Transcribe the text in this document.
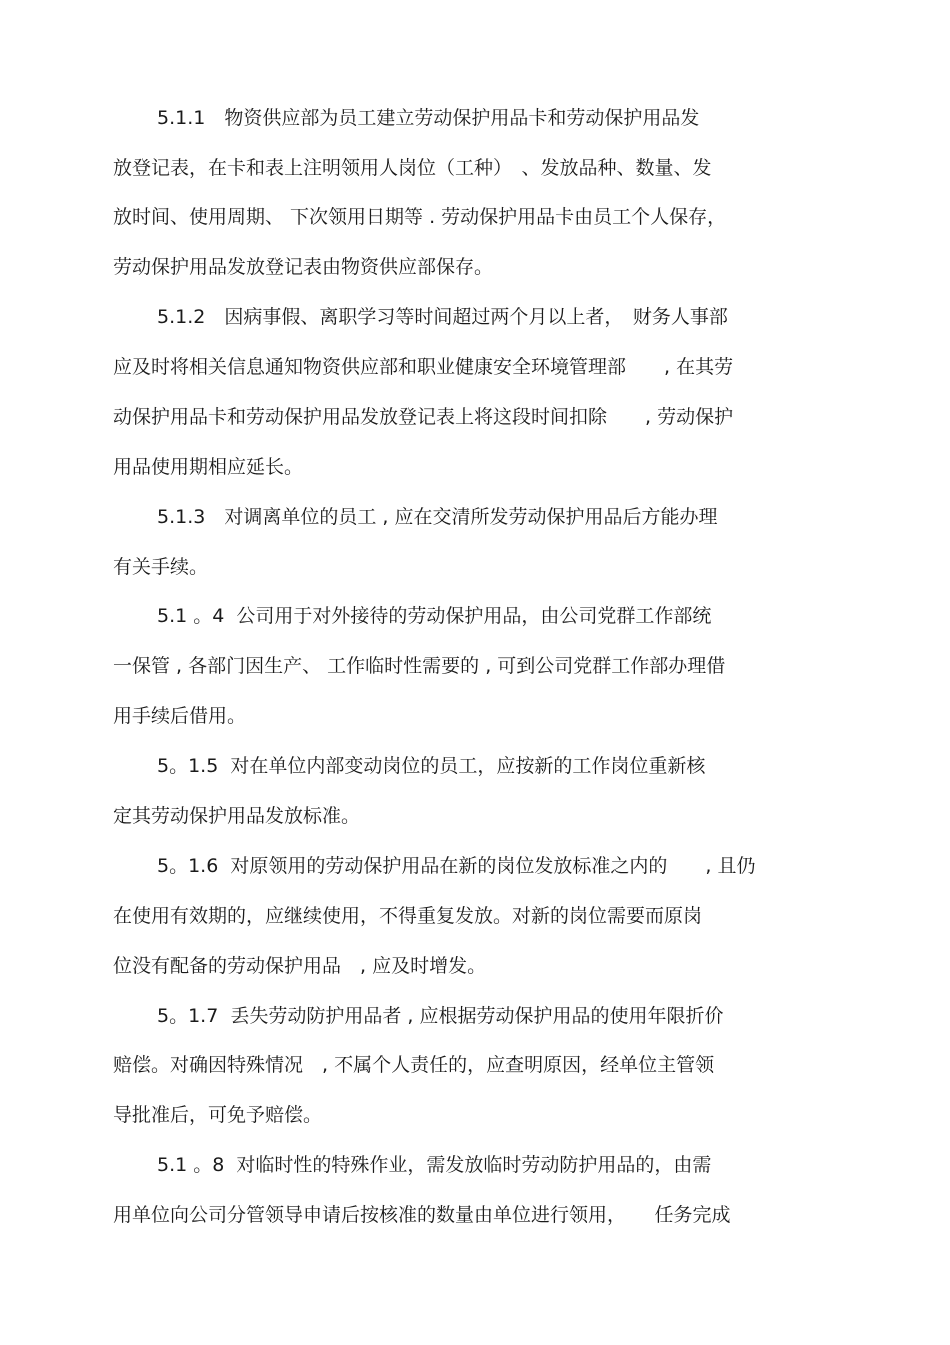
5.1.1　物资供应部为员工建立劳动保护用品卡和劳动保护用品发
放登记表，在卡和表上注明领用人岗位（工种）　、发放品种、数量、发
放时间、使用周期、 下次领用日期等 . 劳动保护用品卡由员工个人保存，
劳动保护用品发放登记表由物资供应部保存。
5.1.2　因病事假、离职学习等时间超过两个月以上者，　财务人事部
应及时将相关信息通知物资供应部和职业健康安全环境管理部　　, 在其劳
动保护用品卡和劳动保护用品发放登记表上将这段时间扣除　　, 劳动保护
用品使用期相应延长。
5.1.3　对调离单位的员工 , 应在交清所发劳动保护用品后方能办理
有关手续。
5.1 。4  公司用于对外接待的劳动保护用品，由公司党群工作部统
一保管 , 各部门因生产、 工作临时性需要的 , 可到公司党群工作部办理借
用手续后借用。
5。1.5  对在单位内部变动岗位的员工，应按新的工作岗位重新核
定其劳动保护用品发放标准。
5。1.6  对原领用的劳动保护用品在新的岗位发放标准之内的　　, 且仍
在使用有效期的，应继续使用，不得重复发放。对新的岗位需要而原岗
位没有配备的劳动保护用品　, 应及时增发。
5。1.7  丢失劳动防护用品者 , 应根据劳动保护用品的使用年限折价
赔偿。对确因特殊情况　, 不属个人责任的，应查明原因，经单位主管领
导批准后，可免予赔偿。
5.1 。8  对临时性的特殊作业，需发放临时劳动防护用品的，由需
用单位向公司分管领导申请后按核准的数量由单位进行领用，　　任务完成
